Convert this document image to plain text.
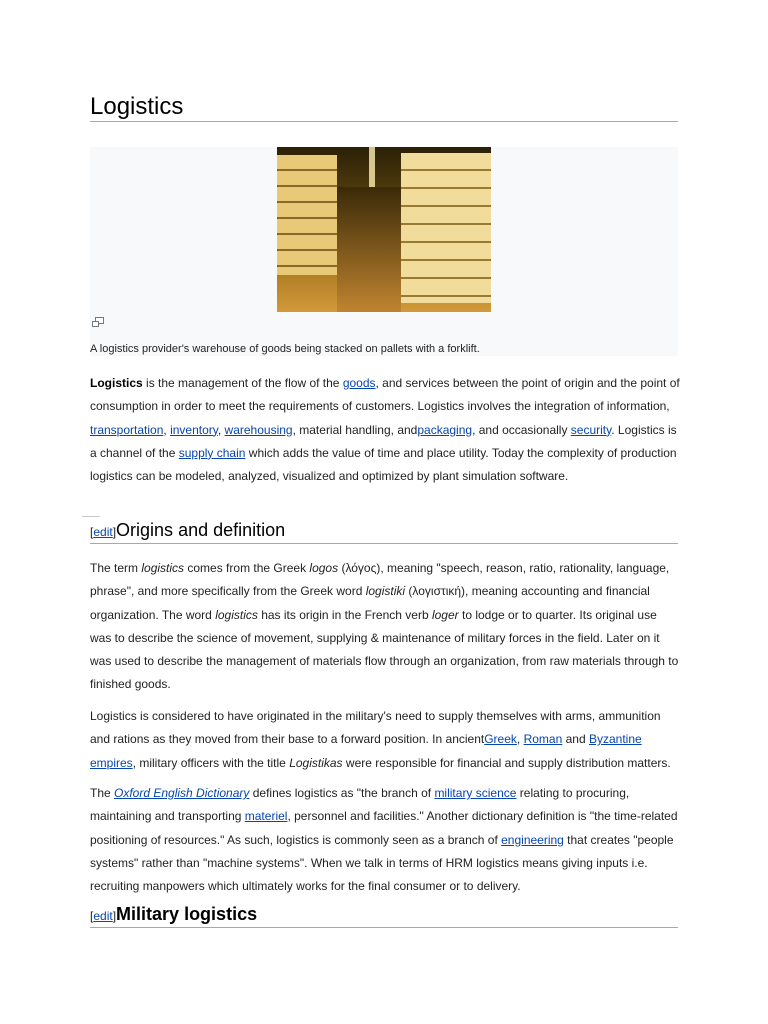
Logistics
A logistics provider's warehouse of goods being stacked on pallets with a forklift.

Logistics is the management of the flow of the goods, and services between the point of origin and the point of consumption in order to meet the requirements of customers. Logistics involves the integration of information, transportation, inventory, warehousing, material handling, andpackaging, and occasionally security. Logistics is a channel of the supply chain which adds the value of time and place utility. Today the complexity of production logistics can be modeled, analyzed, visualized and optimized by plant simulation software.

[edit]Origins and definition

The term logistics comes from the Greek logos (λόγος), meaning "speech, reason, ratio, rationality, language, phrase", and more specifically from the Greek word logistiki (λογιστική), meaning accounting and financial organization. The word logistics has its origin in the French verb loger to lodge or to quarter. Its original use was to describe the science of movement, supplying & maintenance of military forces in the field. Later on it was used to describe the management of materials flow through an organization, from raw materials through to finished goods.

Logistics is considered to have originated in the military's need to supply themselves with arms, ammunition and rations as they moved from their base to a forward position. In ancientGreek, Roman and Byzantine empires, military officers with the title Logistikas were responsible for financial and supply distribution matters.

The Oxford English Dictionary defines logistics as "the branch of military science relating to procuring, maintaining and transporting materiel, personnel and facilities." Another dictionary definition is "the time-related positioning of resources." As such, logistics is commonly seen as a branch of engineering that creates "people systems" rather than "machine systems". When we talk in terms of HRM logistics means giving inputs i.e. recruiting manpowers which ultimately works for the final consumer or to delivery.

[edit]Military logistics
